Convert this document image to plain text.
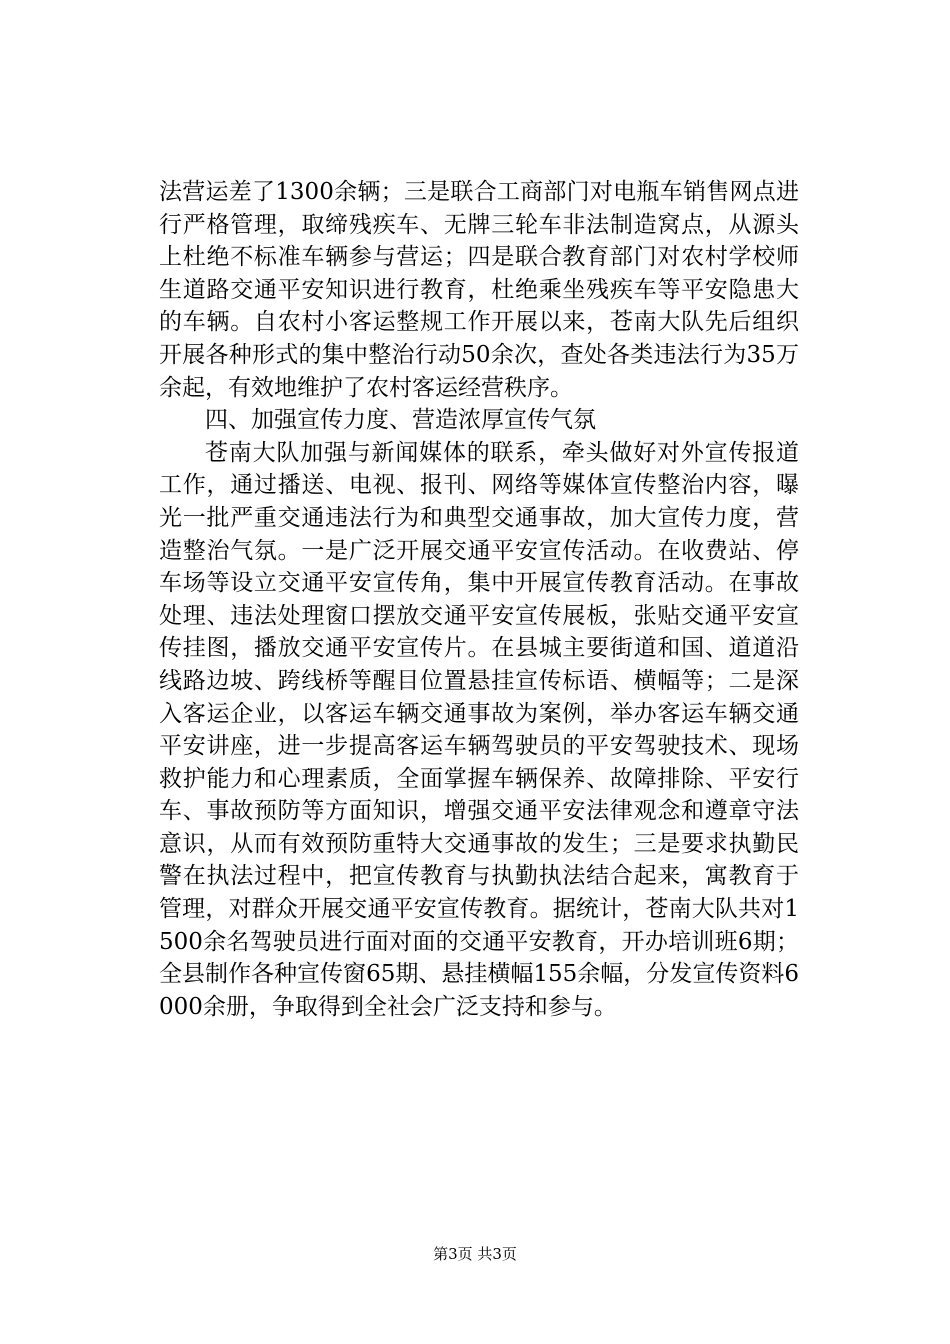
法营运差了1300余辆；三是联合工商部门对电瓶车销售网点进行严格管理，取缔残疾车、无牌三轮车非法制造窝点，从源头上杜绝不标准车辆参与营运；四是联合教育部门对农村学校师生道路交通平安知识进行教育，杜绝乘坐残疾车等平安隐患大的车辆。自农村小客运整规工作开展以来，苍南大队先后组织开展各种形式的集中整治行动50余次，查处各类违法行为35万余起，有效地维护了农村客运经营秩序。

四、加强宣传力度、营造浓厚宣传气氛

苍南大队加强与新闻媒体的联系，牵头做好对外宣传报道工作，通过播送、电视、报刊、网络等媒体宣传整治内容，曝光一批严重交通违法行为和典型交通事故，加大宣传力度，营造整治气氛。一是广泛开展交通平安宣传活动。在收费站、停车场等设立交通平安宣传角，集中开展宣传教育活动。在事故处理、违法处理窗口摆放交通平安宣传展板，张贴交通平安宣传挂图，播放交通平安宣传片。在县城主要街道和国、道道沿线路边坡、跨线桥等醒目位置悬挂宣传标语、横幅等；二是深入客运企业，以客运车辆交通事故为案例，举办客运车辆交通平安讲座，进一步提高客运车辆驾驶员的平安驾驶技术、现场救护能力和心理素质，全面掌握车辆保养、故障排除、平安行车、事故预防等方面知识，增强交通平安法律观念和遵章守法意识，从而有效预防重特大交通事故的发生；三是要求执勤民警在执法过程中，把宣传教育与执勤执法结合起来，寓教育于管理，对群众开展交通平安宣传教育。据统计，苍南大队共对1500余名驾驶员进行面对面的交通平安教育，开办培训班6期；全县制作各种宣传窗65期、悬挂横幅155余幅，分发宣传资料6000余册，争取得到全社会广泛支持和参与。

第3页 共3页
